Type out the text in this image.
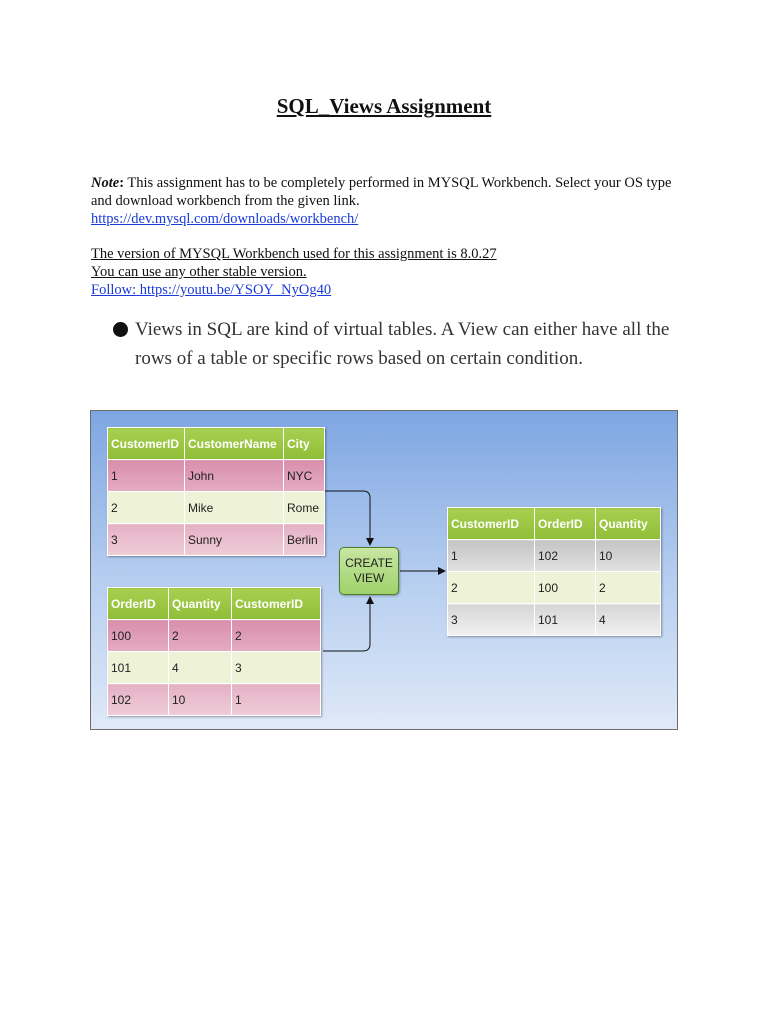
SQL_Views Assignment
Note: This assignment has to be completely performed in MYSQL Workbench. Select your OS type and download workbench from the given link.
https://dev.mysql.com/downloads/workbench/
The version of MYSQL Workbench used for this assignment is 8.0.27
You can use any other stable version.
Follow: https://youtu.be/YSOY_NyOg40
Views in SQL are kind of virtual tables. A View can either have all the rows of a table or specific rows based on certain condition.
CustomerID	CustomerName	City
1	John	NYC
2	Mike	Rome
3	Sunny	Berlin
OrderID	Quantity	CustomerID
100	2	2
101	4	3
102	10	1
CREATE
VIEW
CustomerID	OrderID	Quantity
1	102	10
2	100	2
3	101	4
